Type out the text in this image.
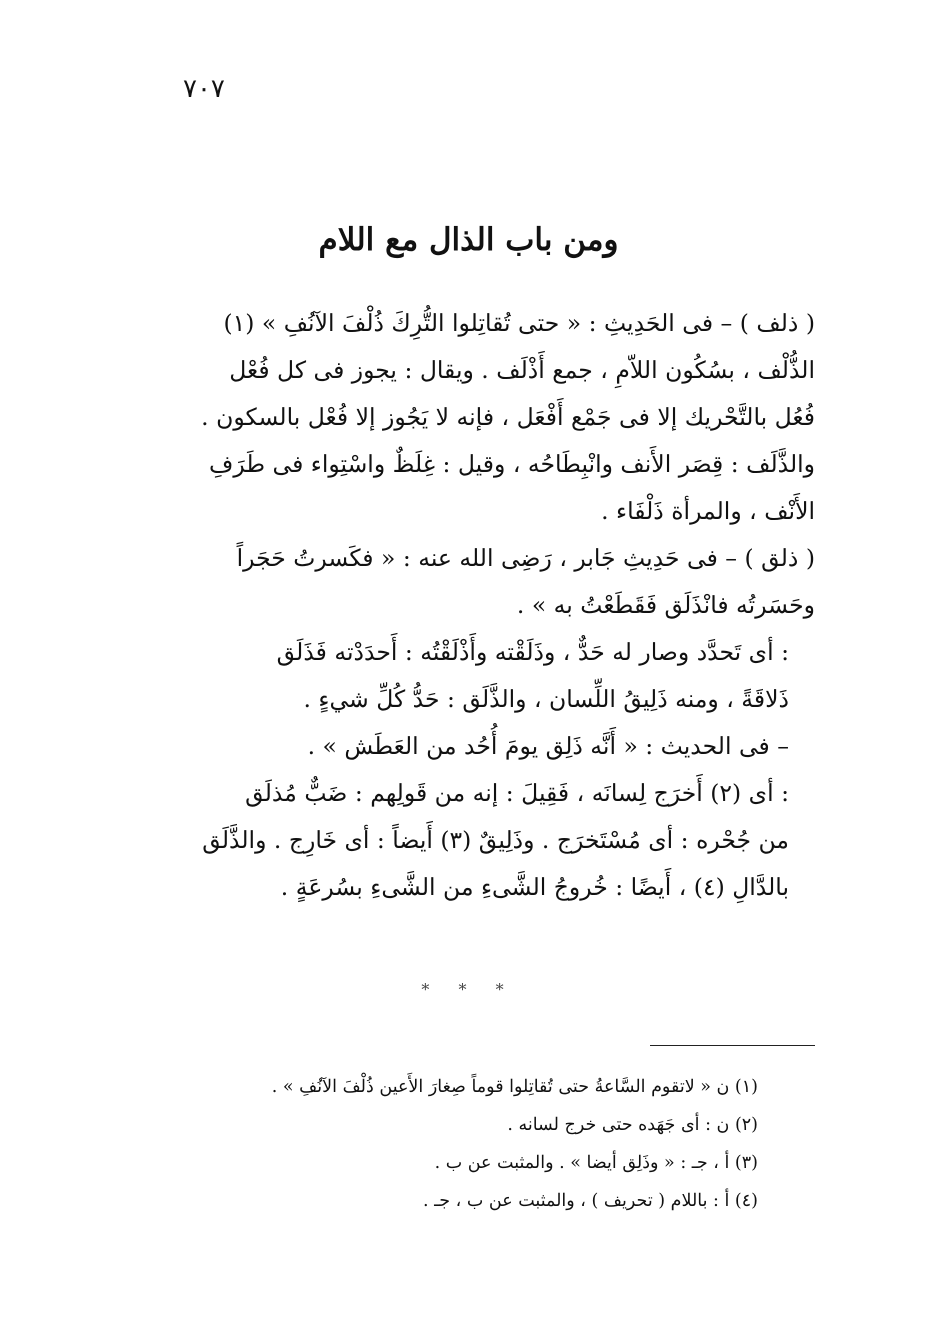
٧٠٧
ومن باب الذال مع اللام
( ذلف ) – فى الحَدِيثِ : « حتى تُقاتِلوا التُّرِكَ ذُلْفَ الآنُفِ » (١)
الذُّلْف ، بسُكُون اللاّمِ ، جمع أَذْلَف . ويقال : يجوز فى كل فُعْل
فُعُل بالتَّحْريك إلا فى جَمْع أَفْعَل ، فإنه لا يَجُوز إلا فُعْل بالسكون .
والذَّلَف : قِصَر الأَنف وانْبِطَاحُه ، وقيل : غِلَظٌ واسْتِواء فى طَرَفِ
الأَنْف ، والمرأة ذَلْفَاء .
( ذلق ) – فى حَدِيثِ جَابر ، رَضِى الله عنه : « فكَسرتُ حَجَراً
وحَسَرتُه فانْذَلَق فَقَطَعْتُ به » .
: أى تَحدَّد وصار له حَدٌّ ، وذَلَقْته وأَذْلَقْتُه : أَحدَدْته فَذَلَق
ذَلاقَةً ، ومنه ذَلِيقُ اللِّسان ، والذَّلَق : حَدُّ كُلِّ شيءٍ .
– فى الحديث : « أَنَّه ذَلِق يومَ أُحُد من العَطَش » .
: أى (٢) أَخرَج لِسانَه ، فَقِيلَ : إنه من قَولِهم : ضَبٌّ مُذلَق
من جُحْره : أى مُسْتَخرَج . وذَلِيقٌ (٣) أَيضاً : أى خَارِج . والذَّلَق
بالدَّالِ (٤) ، أَيضًا : خُروجُ الشَّىءِ من الشَّىءِ بسُرعَةٍ .
* * *
(١) ن « لاتقوم السَّاعةُ حتى تُقاتِلوا قوماً صِغارَ الأَعين ذُلْفَ الآنُفِ » .
(٢) ن : أى جَهَده حتى خرج لسانه .
(٣) أ ، جـ : « وذَلِق أيضا » . والمثبت عن ب .
(٤) أ : باللام ( تحريف ) ، والمثبت عن ب ، جـ .
